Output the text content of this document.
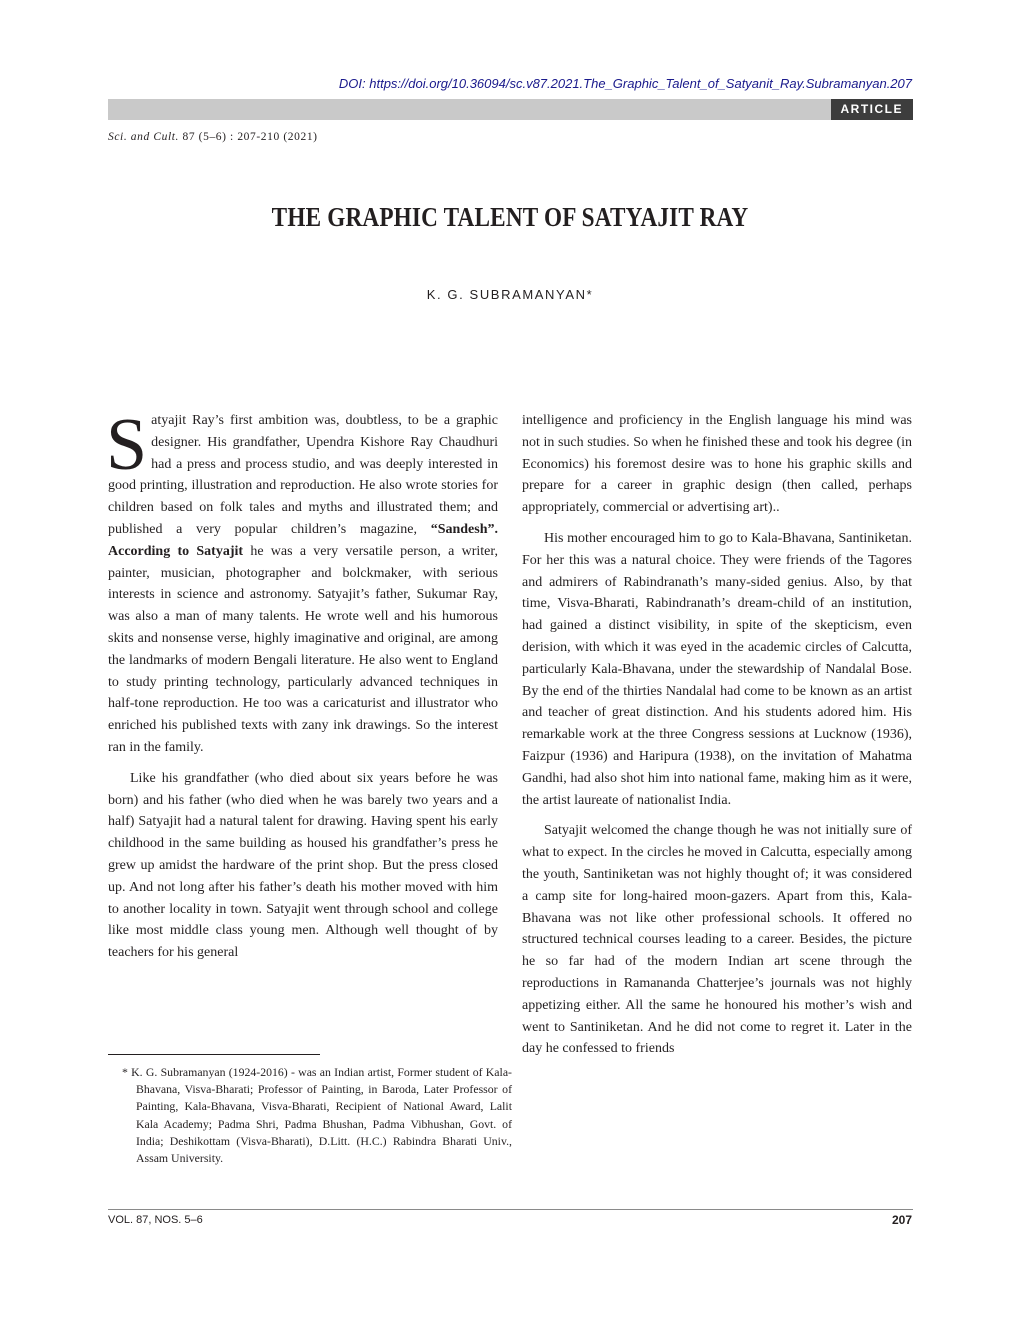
DOI: https://doi.org/10.36094/sc.v87.2021.The_Graphic_Talent_of_Satyanit_Ray.Subramanyan.207
ARTICLE
Sci. and Cult. 87 (5–6) : 207-210 (2021)
THE GRAPHIC TALENT OF SATYAJIT RAY
K. G. SUBRAMANYAN*

Satyajit Ray’s first ambition was, doubtless, to be a graphic designer. His grandfather, Upendra Kishore Ray Chaudhuri had a press and process studio, and was deeply interested in good printing, illustration and reproduction. He also wrote stories for children based on folk tales and myths and illustrated them; and published a very popular children’s magazine, “Sandesh”. According to Satyajit he was a very versatile person, a writer, painter, musician, photographer and bolckmaker, with serious interests in science and astronomy. Satyajit’s father, Sukumar Ray, was also a man of many talents. He wrote well and his humorous skits and nonsense verse, highly imaginative and original, are among the landmarks of modern Bengali literature. He also went to England to study printing technology, particularly advanced techniques in half-tone reproduction. He too was a caricaturist and illustrator who enriched his published texts with zany ink drawings. So the interest ran in the family.

Like his grandfather (who died about six years before he was born) and his father (who died when he was barely two years and a half) Satyajit had a natural talent for drawing. Having spent his early childhood in the same building as housed his grandfather’s press he grew up amidst the hardware of the print shop. But the press closed up. And not long after his father’s death his mother moved with him to another locality in town. Satyajit went through school and college like most middle class young men. Although well thought of by teachers for his general

intelligence and proficiency in the English language his mind was not in such studies. So when he finished these and took his degree (in Economics) his foremost desire was to hone his graphic skills and prepare for a career in graphic design (then called, perhaps appropriately, commercial or advertising art)..

His mother encouraged him to go to Kala-Bhavana, Santiniketan. For her this was a natural choice. They were friends of the Tagores and admirers of Rabindranath’s many-sided genius. Also, by that time, Visva-Bharati, Rabindranath’s dream-child of an institution, had gained a distinct visibility, in spite of the skepticism, even derision, with which it was eyed in the academic circles of Calcutta, particularly Kala-Bhavana, under the stewardship of Nandalal Bose. By the end of the thirties Nandalal had come to be known as an artist and teacher of great distinction. And his students adored him. His remarkable work at the three Congress sessions at Lucknow (1936), Faizpur (1936) and Haripura (1938), on the invitation of Mahatma Gandhi, had also shot him into national fame, making him as it were, the artist laureate of nationalist India.

Satyajit welcomed the change though he was not initially sure of what to expect. In the circles he moved in Calcutta, especially among the youth, Santiniketan was not highly thought of; it was considered a camp site for long-haired moon-gazers. Apart from this, Kala-Bhavana was not like other professional schools. It offered no structured technical courses leading to a career. Besides, the picture he so far had of the modern Indian art scene through the reproductions in Ramananda Chatterjee’s journals was not highly appetizing either. All the same he honoured his mother’s wish and went to Santiniketan. And he did not come to regret it. Later in the day he confessed to friends

* K. G. Subramanyan (1924-2016) - was an Indian artist, Former student of Kala-Bhavana, Visva-Bharati; Professor of Painting, in Baroda, Later Professor of Painting, Kala-Bhavana, Visva-Bharati, Recipient of National Award, Lalit Kala Academy; Padma Shri, Padma Bhushan, Padma Vibhushan, Govt. of India; Deshikottam (Visva-Bharati), D.Litt. (H.C.) Rabindra Bharati Univ., Assam University.
VOL. 87, NOS. 5–6	207
